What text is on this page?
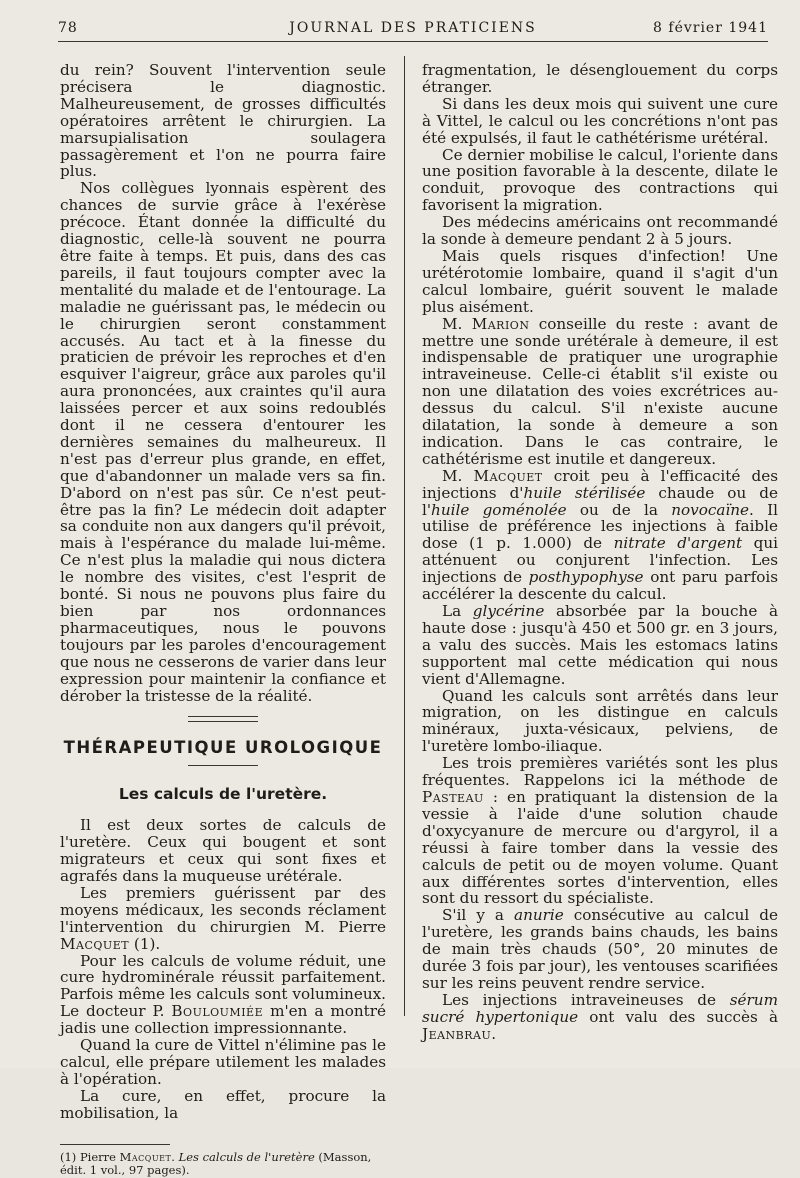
78	JOURNAL DES PRATICIENS	8 février 1941

du rein? Souvent l'intervention seule précisera le diagnostic. Malheureusement, de grosses difficultés opératoires arrêtent le chirurgien. La marsupialisation soulagera passagèrement et l'on ne pourra faire plus.

Nos collègues lyonnais espèrent des chances de survie grâce à l'exérèse précoce. Étant donnée la difficulté du diagnostic, celle-là souvent ne pourra être faite à temps. Et puis, dans des cas pareils, il faut toujours compter avec la mentalité du malade et de l'entourage. La maladie ne guérissant pas, le médecin ou le chirurgien seront constamment accusés. Au tact et à la finesse du praticien de prévoir les reproches et d'en esquiver l'aigreur, grâce aux paroles qu'il aura prononcées, aux craintes qu'il aura laissées percer et aux soins redoublés dont il ne cessera d'entourer les dernières semaines du malheureux. Il n'est pas d'erreur plus grande, en effet, que d'abandonner un malade vers sa fin. D'abord on n'est pas sûr. Ce n'est peut-être pas la fin? Le médecin doit adapter sa conduite non aux dangers qu'il prévoit, mais à l'espérance du malade lui-même. Ce n'est plus la maladie qui nous dictera le nombre des visites, c'est l'esprit de bonté. Si nous ne pouvons plus faire du bien par nos ordonnances pharmaceutiques, nous le pouvons toujours par les paroles d'encouragement que nous ne cesserons de varier dans leur expression pour maintenir la confiance et dérober la tristesse de la réalité.

THÉRAPEUTIQUE UROLOGIQUE
Les calculs de l'uretère.

Il est deux sortes de calculs de l'uretère. Ceux qui bougent et sont migrateurs et ceux qui sont fixes et agrafés dans la muqueuse urétérale.

Les premiers guérissent par des moyens médicaux, les seconds réclament l'intervention du chirurgien M. Pierre Macquet (1).

Pour les calculs de volume réduit, une cure hydrominérale réussit parfaitement. Parfois même les calculs sont volumineux. Le docteur P. Bouloumiée m'en a montré jadis une collection impressionnante.

Quand la cure de Vittel n'élimine pas le calcul, elle prépare utilement les malades à l'opération.

La cure, en effet, procure la mobilisation, la

(1) Pierre Macquet. Les calculs de l'uretère (Masson, édit. 1 vol., 97 pages).

fragmentation, le désenglouement du corps étranger.

Si dans les deux mois qui suivent une cure à Vittel, le calcul ou les concrétions n'ont pas été expulsés, il faut le cathétérisme urétéral.

Ce dernier mobilise le calcul, l'oriente dans une position favorable à la descente, dilate le conduit, provoque des contractions qui favorisent la migration.

Des médecins américains ont recommandé la sonde à demeure pendant 2 à 5 jours.

Mais quels risques d'infection! Une urétérotomie lombaire, quand il s'agit d'un calcul lombaire, guérit souvent le malade plus aisément.

M. Marion conseille du reste : avant de mettre une sonde urétérale à demeure, il est indispensable de pratiquer une urographie intraveineuse. Celle-ci établit s'il existe ou non une dilatation des voies excrétrices au-dessus du calcul. S'il n'existe aucune dilatation, la sonde à demeure a son indication. Dans le cas contraire, le cathétérisme est inutile et dangereux.

M. Macquet croit peu à l'efficacité des injections d'huile stérilisée chaude ou de l'huile goménolée ou de la novocaïne. Il utilise de préférence les injections à faible dose (1 p. 1.000) de nitrate d'argent qui atténuent ou conjurent l'infection. Les injections de posthypophyse ont paru parfois accélérer la descente du calcul.

La glycérine absorbée par la bouche à haute dose : jusqu'à 450 et 500 gr. en 3 jours, a valu des succès. Mais les estomacs latins supportent mal cette médication qui nous vient d'Allemagne.

Quand les calculs sont arrêtés dans leur migration, on les distingue en calculs minéraux, juxta-vésicaux, pelviens, de l'uretère lombo-iliaque.

Les trois premières variétés sont les plus fréquentes. Rappelons ici la méthode de Pasteau : en pratiquant la distension de la vessie à l'aide d'une solution chaude d'oxycyanure de mercure ou d'argyrol, il a réussi à faire tomber dans la vessie des calculs de petit ou de moyen volume. Quant aux différentes sortes d'intervention, elles sont du ressort du spécialiste.

S'il y a anurie consécutive au calcul de l'uretère, les grands bains chauds, les bains de main très chauds (50°, 20 minutes de durée 3 fois par jour), les ventouses scarifiées sur les reins peuvent rendre service.

Les injections intraveineuses de sérum sucré hypertonique ont valu des succès à Jeanbrau.
